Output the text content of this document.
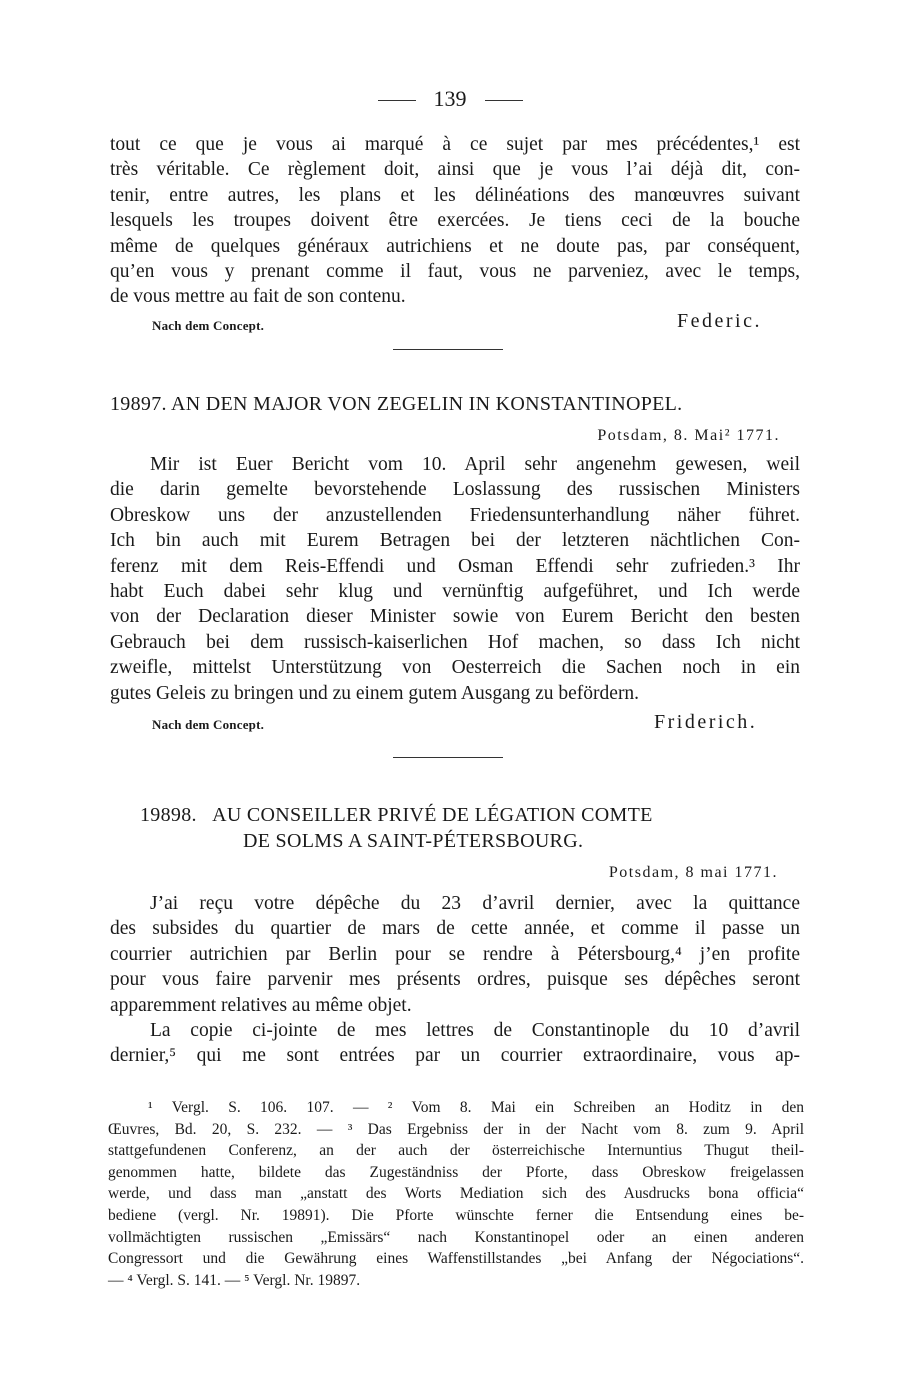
139
tout ce que je vous ai marqué à ce sujet par mes précédentes,¹ est
très véritable. Ce règlement doit, ainsi que je vous l’ai déjà dit, con-
tenir, entre autres, les plans et les délinéations des manœuvres suivant
lesquels les troupes doivent être exercées. Je tiens ceci de la bouche
même de quelques généraux autrichiens et ne doute pas, par conséquent,
qu’en vous y prenant comme il faut, vous ne parveniez, avec le temps,
de vous mettre au fait de son contenu.
Nach dem Concept.	Federic.
19897. AN DEN MAJOR VON ZEGELIN IN KONSTANTINOPEL.
Potsdam, 8. Mai² 1771.
Mir ist Euer Bericht vom 10. April sehr angenehm gewesen, weil
die darin gemelte bevorstehende Loslassung des russischen Ministers
Obreskow uns der anzustellenden Friedensunterhandlung näher führet.
Ich bin auch mit Eurem Betragen bei der letzteren nächtlichen Con-
ferenz mit dem Reis-Effendi und Osman Effendi sehr zufrieden.³ Ihr
habt Euch dabei sehr klug und vernünftig aufgeführet, und Ich werde
von der Declaration dieser Minister sowie von Eurem Bericht den besten
Gebrauch bei dem russisch-kaiserlichen Hof machen, so dass Ich nicht
zweifle, mittelst Unterstützung von Oesterreich die Sachen noch in ein
gutes Geleis zu bringen und zu einem gutem Ausgang zu befördern.
Nach dem Concept.	Friderich.
19898. AU CONSEILLER PRIVÉ DE LÉGATION COMTE
DE SOLMS A SAINT-PÉTERSBOURG.
Potsdam, 8 mai 1771.
J’ai reçu votre dépêche du 23 d’avril dernier, avec la quittance
des subsides du quartier de mars de cette année, et comme il passe un
courrier autrichien par Berlin pour se rendre à Pétersbourg,⁴ j’en profite
pour vous faire parvenir mes présents ordres, puisque ses dépêches seront
apparemment relatives au même objet.
La copie ci-jointe de mes lettres de Constantinople du 10 d’avril
dernier,⁵ qui me sont entrées par un courrier extraordinaire, vous ap-
¹ Vergl. S. 106. 107. — ² Vom 8. Mai ein Schreiben an Hoditz in den
Œuvres, Bd. 20, S. 232. — ³ Das Ergebniss der in der Nacht vom 8. zum 9. April
stattgefundenen Conferenz, an der auch der österreichische Internuntius Thugut theil-
genommen hatte, bildete das Zugeständniss der Pforte, dass Obreskow freigelassen
werde, und dass man „anstatt des Worts Mediation sich des Ausdrucks bona officia“
bediene (vergl. Nr. 19891). Die Pforte wünschte ferner die Entsendung eines be-
vollmächtigten russischen „Emissärs“ nach Konstantinopel oder an einen anderen
Congressort und die Gewährung eines Waffenstillstandes „bei Anfang der Négociations“.
— ⁴ Vergl. S. 141. — ⁵ Vergl. Nr. 19897.
